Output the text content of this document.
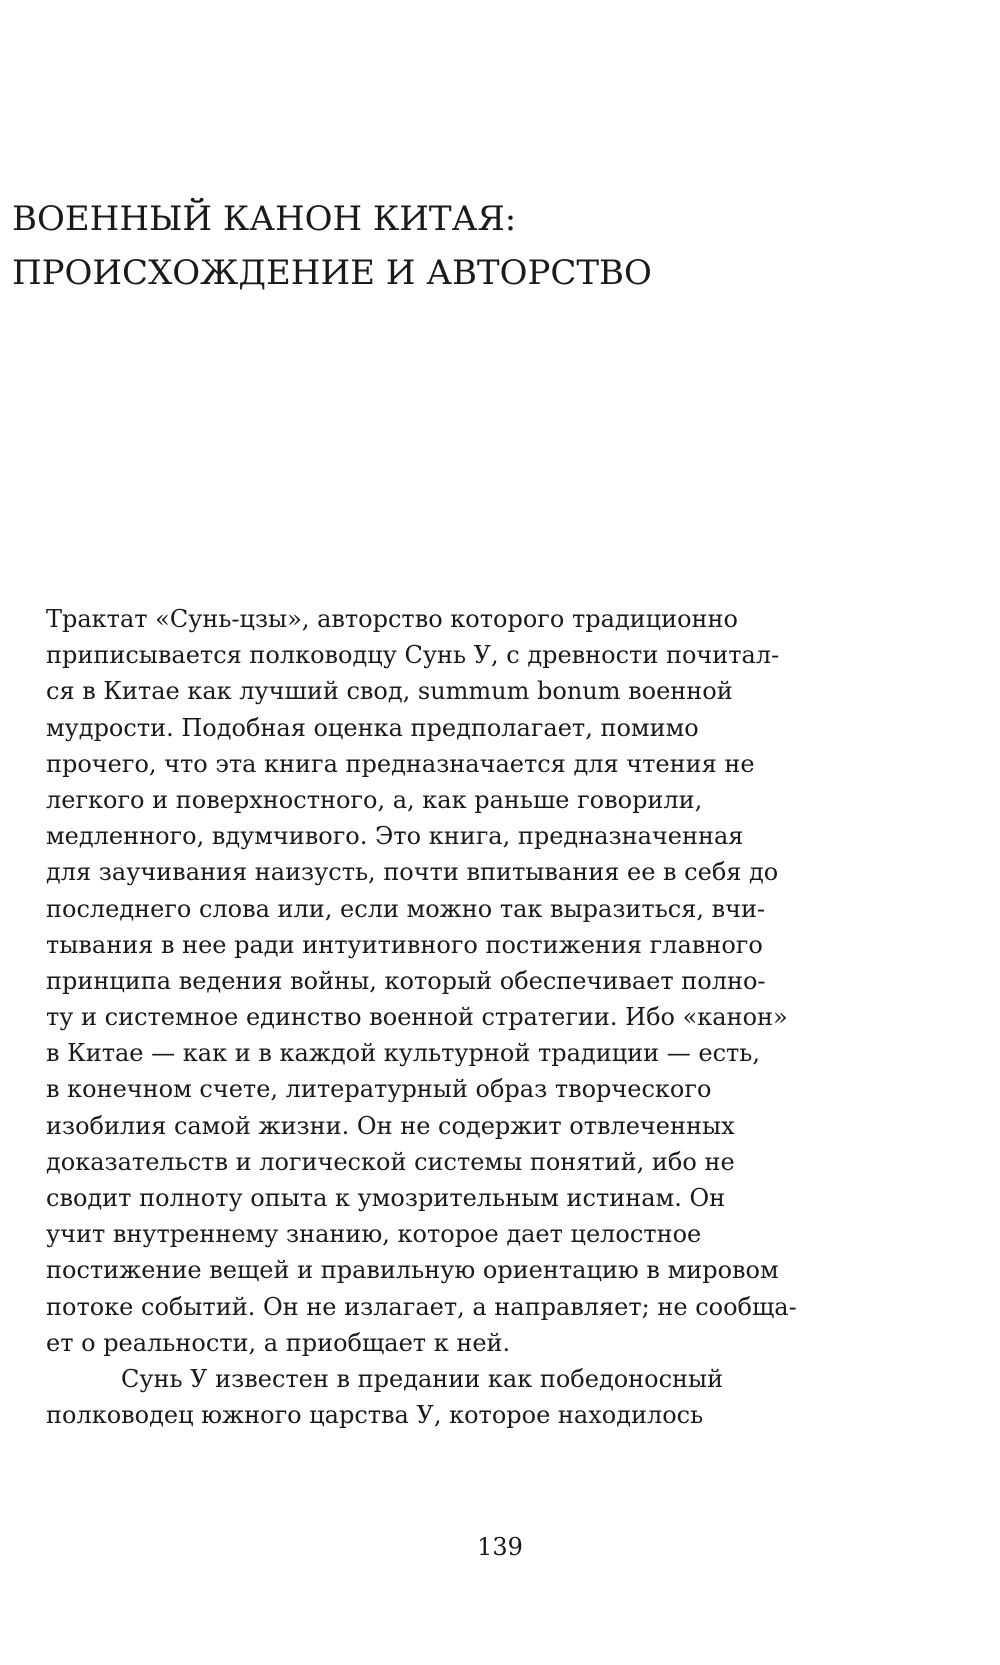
ВОЕННЫЙ КАНОН КИТАЯ:
ПРОИСХОЖДЕНИЕ И АВТОРСТВО
Трактат «Сунь-цзы», авторство которого традиционно
приписывается полководцу Сунь У, с древности почитал-
ся в Китае как лучший свод, summum bonum военной
мудрости. Подобная оценка предполагает, помимо
прочего, что эта книга предназначается для чтения не
легкого и поверхностного, а, как раньше говорили,
медленного, вдумчивого. Это книга, предназначенная
для заучивания наизусть, почти впитывания ее в себя до
последнего слова или, если можно так выразиться, вчи-
тывания в нее ради интуитивного постижения главного
принципа ведения войны, который обеспечивает полно-
ту и системное единство военной стратегии. Ибо «канон»
в Китае — как и в каждой культурной традиции — есть,
в конечном счете, литературный образ творческого
изобилия самой жизни. Он не содержит отвлеченных
доказательств и логической системы понятий, ибо не
сводит полноту опыта к умозрительным истинам. Он
учит внутреннему знанию, которое дает целостное
постижение вещей и правильную ориентацию в мировом
потоке событий. Он не излагает, а направляет; не сообща-
ет о реальности, а приобщает к ней.
Сунь У известен в предании как победоносный
полководец южного царства У, которое находилось
139
